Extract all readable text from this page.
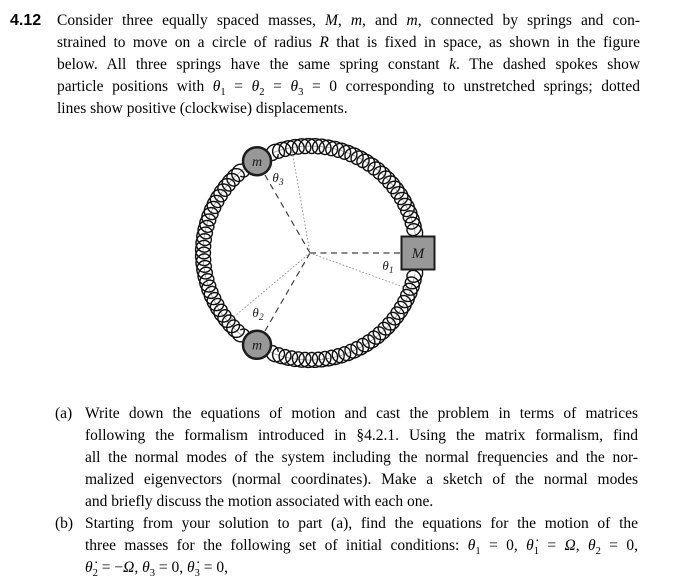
4.12	Consider three equally spaced masses, M, m, and m, connected by springs and con-
strained to move on a circle of radius R that is fixed in space, as shown in the figure
below. All three springs have the same spring constant k. The dashed spokes show
particle positions with $\theta_1 = \theta_2 = \theta_3 = 0$ corresponding to unstretched springs; dotted
lines show positive (clockwise) displacements.
M
m
m
$\theta_1$
$\theta_2$
$\theta_3$
(a) Write down the equations of motion and cast the problem in terms of matrices
following the formalism introduced in §4.2.1. Using the matrix formalism, find
all the normal modes of the system including the normal frequencies and the nor-
malized eigenvectors (normal coordinates). Make a sketch of the normal modes
and briefly discuss the motion associated with each one.
(b) Starting from your solution to part (a), find the equations for the motion of the
three masses for the following set of initial conditions: $\theta_1 = 0$, $\thetȧ_1 = \Omega$, $\theta_2 = 0$,
$\thetȧ_2 = -\Omega$, $\theta_3 = 0$, $\thetȧ_3 = 0$,
